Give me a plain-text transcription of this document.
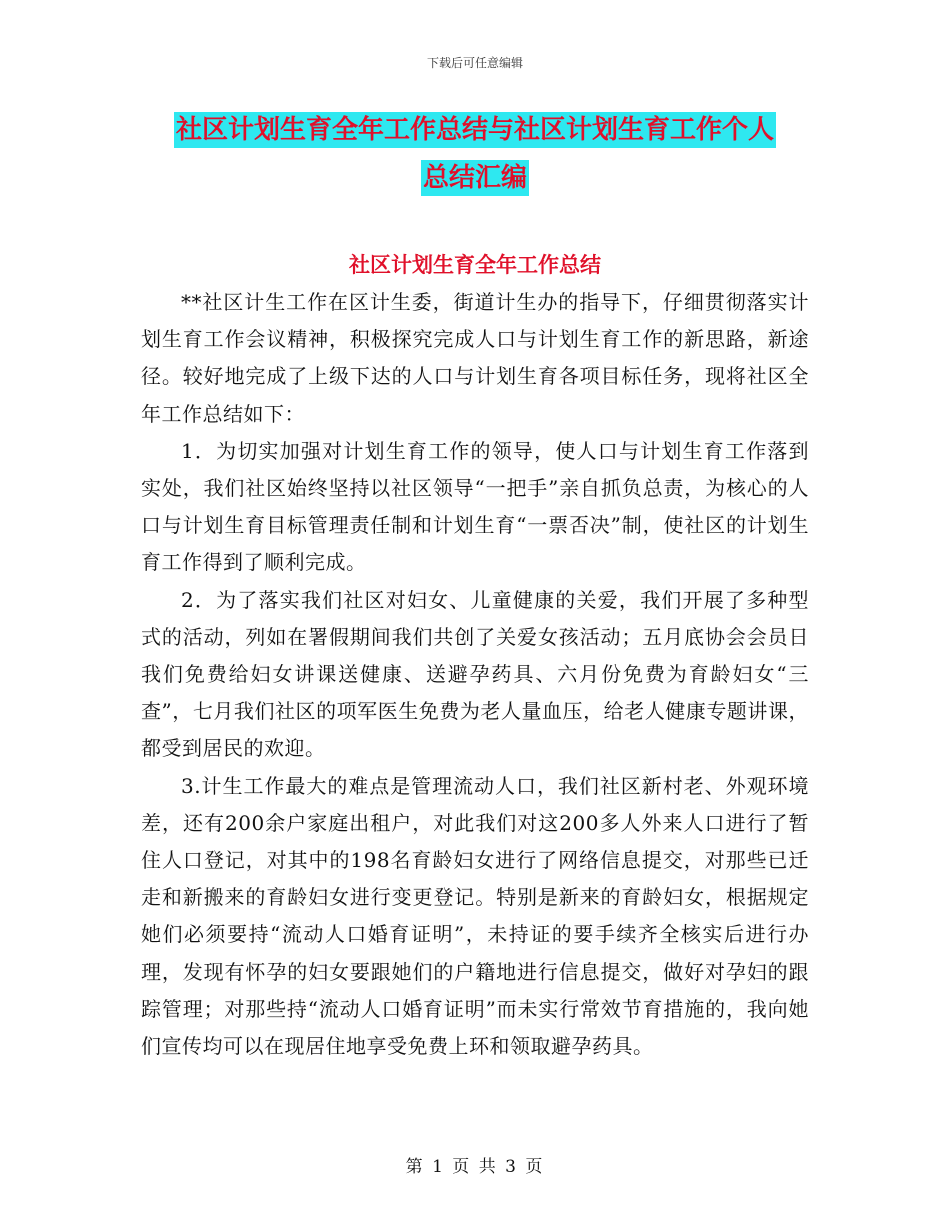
下载后可任意编辑
社区计划生育全年工作总结与社区计划生育工作个人
总结汇编
社区计划生育全年工作总结

**社区计生工作在区计生委，街道计生办的指导下，仔细贯彻落实计划生育工作会议精神，积极探究完成人口与计划生育工作的新思路，新途径。较好地完成了上级下达的人口与计划生育各项目标任务，现将社区全年工作总结如下：

1．为切实加强对计划生育工作的领导，使人口与计划生育工作落到实处，我们社区始终坚持以社区领导“一把手”亲自抓负总责，为核心的人口与计划生育目标管理责任制和计划生育“一票否决”制，使社区的计划生育工作得到了顺利完成。

2．为了落实我们社区对妇女、儿童健康的关爱，我们开展了多种型式的活动，列如在署假期间我们共创了关爱女孩活动；五月底协会会员日我们免费给妇女讲课送健康、送避孕药具、六月份免费为育龄妇女“三查”，七月我们社区的项军医生免费为老人量血压，给老人健康专题讲课，都受到居民的欢迎。

3.计生工作最大的难点是管理流动人口，我们社区新村老、外观环境差，还有200余户家庭出租户，对此我们对这200多人外来人口进行了暂住人口登记，对其中的198名育龄妇女进行了网络信息提交，对那些已迁走和新搬来的育龄妇女进行变更登记。特别是新来的育龄妇女，根据规定她们必须要持“流动人口婚育证明”，未持证的要手续齐全核实后进行办理，发现有怀孕的妇女要跟她们的户籍地进行信息提交，做好对孕妇的跟踪管理；对那些持“流动人口婚育证明”而未实行常效节育措施的，我向她们宣传均可以在现居住地享受免费上环和领取避孕药具。

第 1 页 共 3 页
